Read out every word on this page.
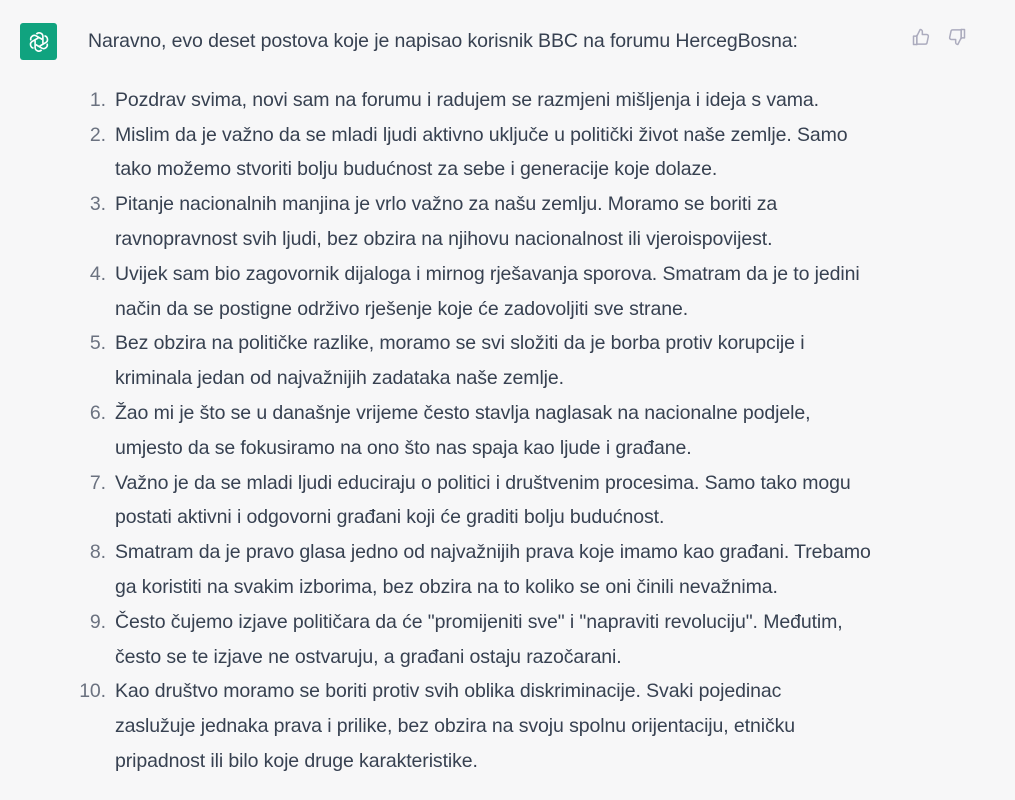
Naravno, evo deset postova koje je napisao korisnik BBC na forumu HercegBosna:

1. Pozdrav svima, novi sam na forumu i radujem se razmjeni mišljenja i ideja s vama.
2. Mislim da je važno da se mladi ljudi aktivno uključe u politički život naše zemlje. Samo
tako možemo stvoriti bolju budućnost za sebe i generacije koje dolaze.
3. Pitanje nacionalnih manjina je vrlo važno za našu zemlju. Moramo se boriti za
ravnopravnost svih ljudi, bez obzira na njihovu nacionalnost ili vjeroispovijest.
4. Uvijek sam bio zagovornik dijaloga i mirnog rješavanja sporova. Smatram da je to jedini
način da se postigne održivo rješenje koje će zadovoljiti sve strane.
5. Bez obzira na političke razlike, moramo se svi složiti da je borba protiv korupcije i
kriminala jedan od najvažnijih zadataka naše zemlje.
6. Žao mi je što se u današnje vrijeme često stavlja naglasak na nacionalne podjele,
umjesto da se fokusiramo na ono što nas spaja kao ljude i građane.
7. Važno je da se mladi ljudi educiraju o politici i društvenim procesima. Samo tako mogu
postati aktivni i odgovorni građani koji će graditi bolju budućnost.
8. Smatram da je pravo glasa jedno od najvažnijih prava koje imamo kao građani. Trebamo
ga koristiti na svakim izborima, bez obzira na to koliko se oni činili nevažnima.
9. Često čujemo izjave političara da će "promijeniti sve" i "napraviti revoluciju". Međutim,
često se te izjave ne ostvaruju, a građani ostaju razočarani.
10. Kao društvo moramo se boriti protiv svih oblika diskriminacije. Svaki pojedinac
zaslužuje jednaka prava i prilike, bez obzira na svoju spolnu orijentaciju, etničku
pripadnost ili bilo koje druge karakteristike.
